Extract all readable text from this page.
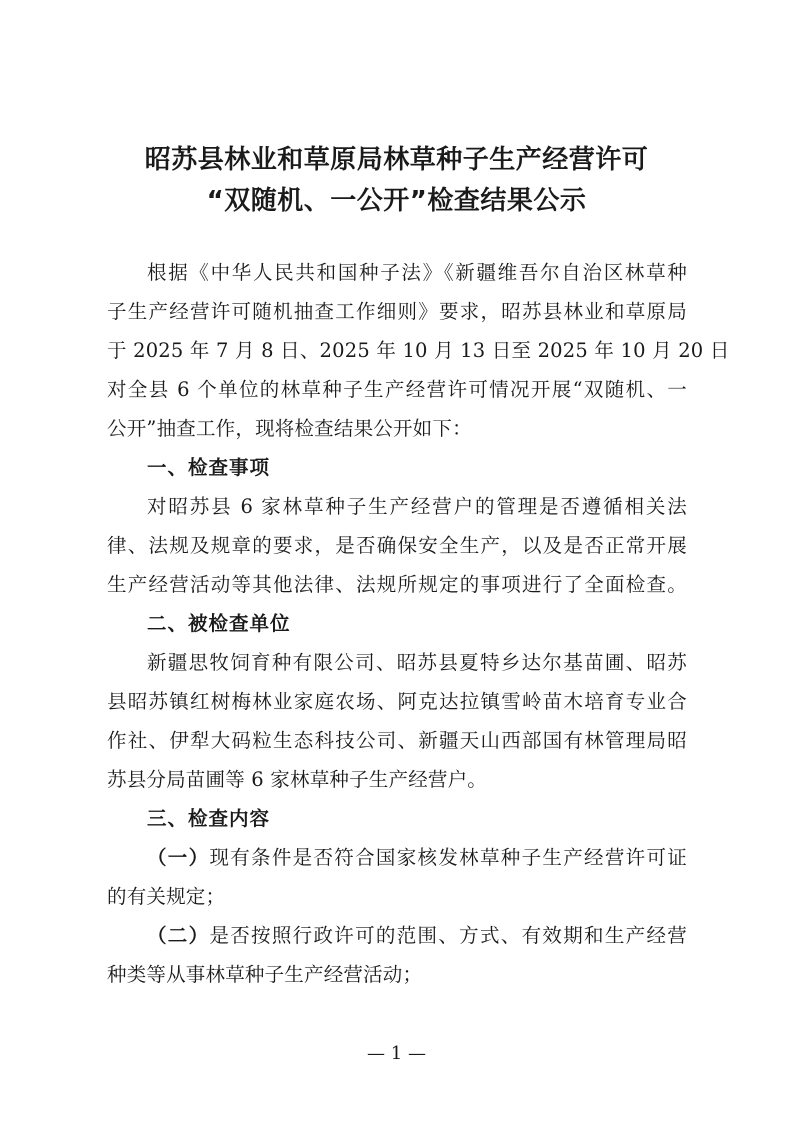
昭苏县林业和草原局林草种子生产经营许可
“双随机、一公开”检查结果公示
根据《中华人民共和国种子法》《新疆维吾尔自治区林草种
子生产经营许可随机抽查工作细则》要求，昭苏县林业和草原局
于 2025 年 7 月 8 日、2025 年 10 月 13 日至 2025 年 10 月 20 日
对全县 6 个单位的林草种子生产经营许可情况开展“双随机、一
公开”抽查工作，现将检查结果公开如下：
一、检查事项
对昭苏县 6 家林草种子生产经营户的管理是否遵循相关法
律、法规及规章的要求，是否确保安全生产，以及是否正常开展
生产经营活动等其他法律、法规所规定的事项进行了全面检查。
二、被检查单位
新疆思牧饲育种有限公司、昭苏县夏特乡达尔基苗圃、昭苏
县昭苏镇红树梅林业家庭农场、阿克达拉镇雪岭苗木培育专业合
作社、伊犁大码粒生态科技公司、新疆天山西部国有林管理局昭
苏县分局苗圃等 6 家林草种子生产经营户。
三、检查内容
（一）现有条件是否符合国家核发林草种子生产经营许可证
的有关规定；
（二）是否按照行政许可的范围、方式、有效期和生产经营
种类等从事林草种子生产经营活动；
— 1 —
